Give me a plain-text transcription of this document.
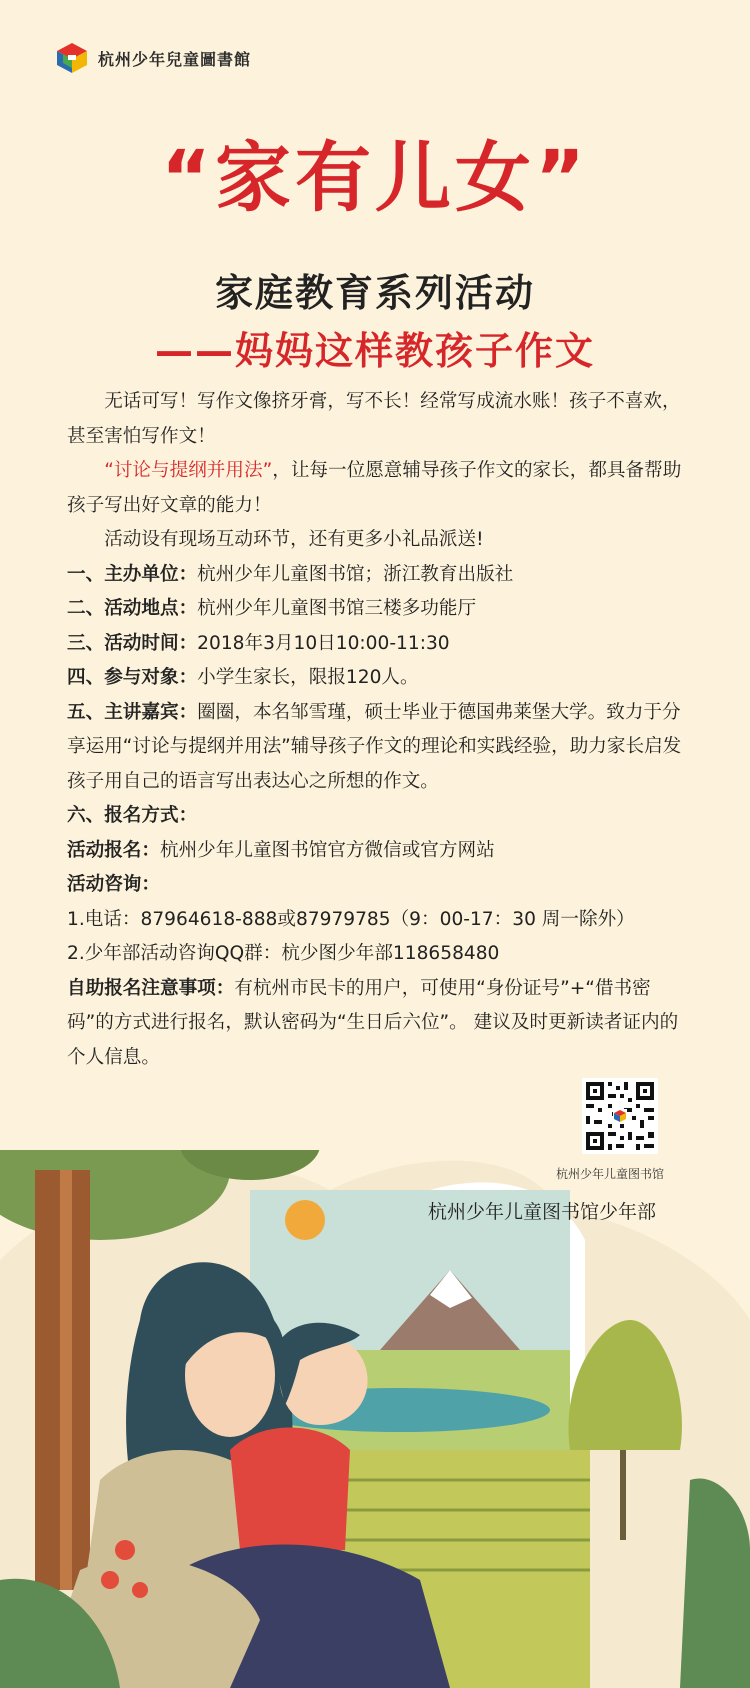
杭州少年兒童圖書館
“家有儿女”
家庭教育系列活动
——妈妈这样教孩子作文

无话可写！写作文像挤牙膏，写不长！经常写成流水账！孩子不喜欢，甚至害怕写作文！

“讨论与提纲并用法”，让每一位愿意辅导孩子作文的家长，都具备帮助孩子写出好文章的能力！

活动设有现场互动环节，还有更多小礼品派送!

一、主办单位：杭州少年儿童图书馆；浙江教育出版社

二、活动地点：杭州少年儿童图书馆三楼多功能厅

三、活动时间：2018年3月10日10:00-11:30

四、参与对象：小学生家长，限报120人。

五、主讲嘉宾：圈圈，本名邹雪瑾，硕士毕业于德国弗莱堡大学。致力于分享运用“讨论与提纲并用法”辅导孩子作文的理论和实践经验，助力家长启发孩子用自己的语言写出表达心之所想的作文。

六、报名方式：

活动报名：杭州少年儿童图书馆官方微信或官方网站

活动咨询：

1.电话：87964618-888或87979785（9：00-17：30 周一除外）

2.少年部活动咨询QQ群：杭少图少年部118658480

自助报名注意事项：有杭州市民卡的用户，可使用“身份证号”+“借书密码”的方式进行报名，默认密码为“生日后六位”。 建议及时更新读者证内的个人信息。

杭州少年儿童图书馆
杭州少年儿童图书馆少年部
